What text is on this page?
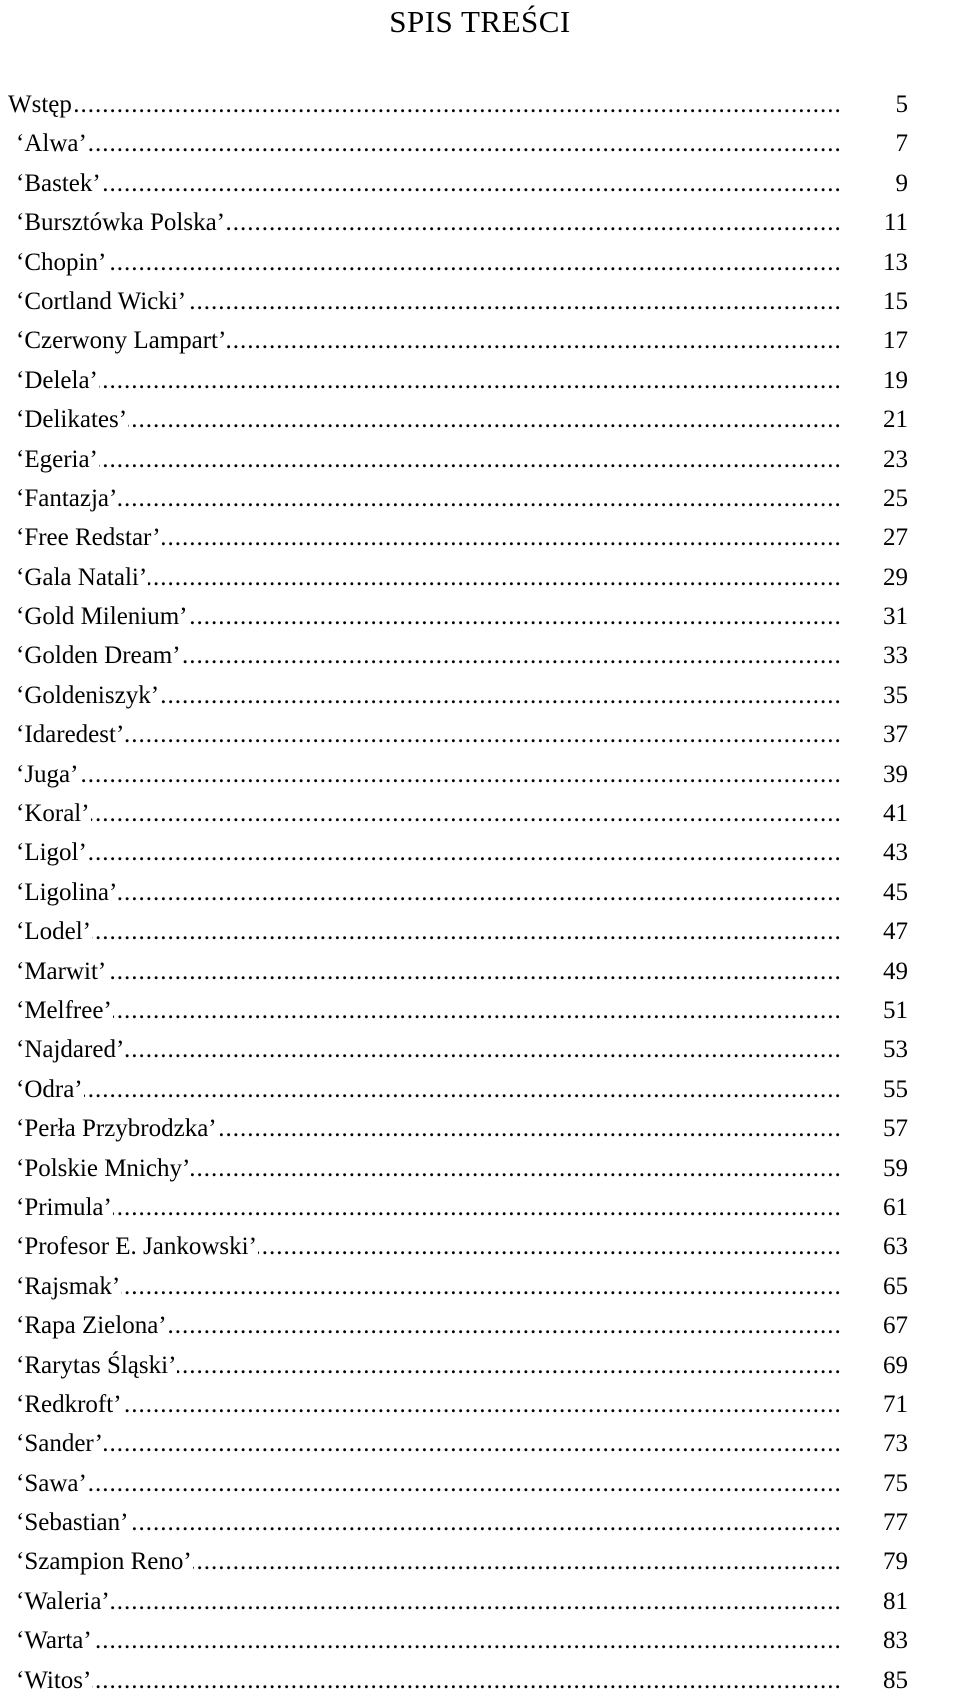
SPIS TREŚCI
.....
Wstęp	5
.....
‘Alwa’	7
.....
‘Bastek’	9
.....
‘Bursztówka Polska’	11
.....
‘Chopin’	13
.....
‘Cortland Wicki’	15
.....
‘Czerwony Lampart’	17
.....
‘Delela’	19
.....
‘Delikates’	21
.....
‘Egeria’	23
.....
‘Fantazja’	25
.....
‘Free Redstar’	27
.....
‘Gala Natali’	29
.....
‘Gold Milenium’	31
.....
‘Golden Dream’	33
.....
‘Goldeniszyk’	35
.....
‘Idaredest’	37
.....
‘Juga’	39
.....
‘Koral’	41
.....
‘Ligol’	43
.....
‘Ligolina’	45
.....
‘Lodel’	47
.....
‘Marwit’	49
.....
‘Melfree’	51
.....
‘Najdared’	53
.....
‘Odra’	55
.....
‘Perła Przybrodzka’	57
.....
‘Polskie Mnichy’	59
.....
‘Primula’	61
.....
‘Profesor E. Jankowski’	63
.....
‘Rajsmak’	65
.....
‘Rapa Zielona’	67
.....
‘Rarytas Śląski’	69
.....
‘Redkroft’	71
.....
‘Sander’	73
.....
‘Sawa’	75
.....
‘Sebastian’	77
.....
‘Szampion Reno’	79
.....
‘Waleria’	81
.....
‘Warta’	83
.....
‘Witos’	85
